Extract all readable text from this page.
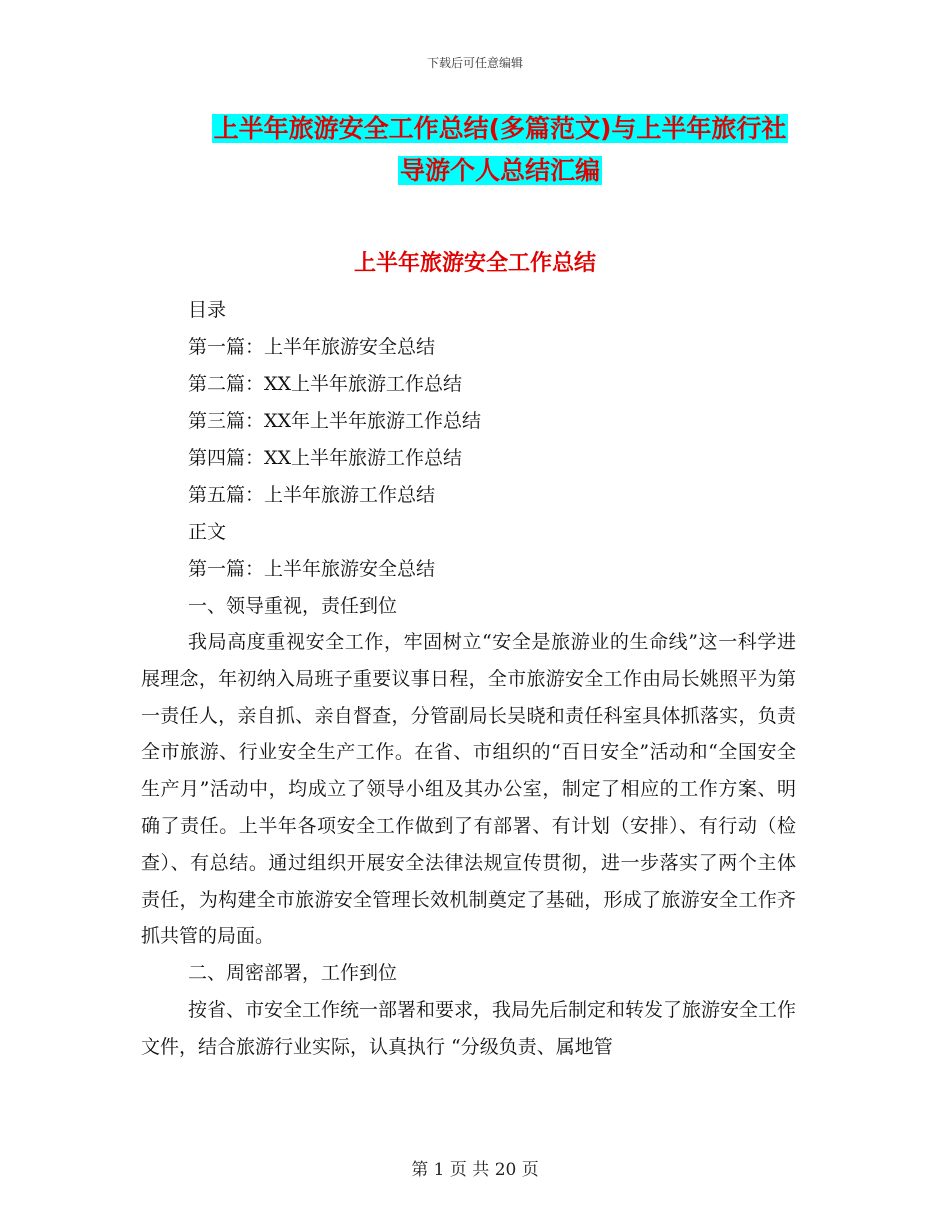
下载后可任意编辑
上半年旅游安全工作总结(多篇范文)与上半年旅行社
导游个人总结汇编
上半年旅游安全工作总结
目录
第一篇：上半年旅游安全总结
第二篇：XX上半年旅游工作总结
第三篇：XX年上半年旅游工作总结
第四篇：XX上半年旅游工作总结
第五篇：上半年旅游工作总结
正文
第一篇：上半年旅游安全总结
一、领导重视，责任到位

我局高度重视安全工作，牢固树立“安全是旅游业的生命线”这一科学进展理念，年初纳入局班子重要议事日程，全市旅游安全工作由局长姚照平为第一责任人，亲自抓、亲自督查，分管副局长吴晓和责任科室具体抓落实，负责全市旅游、行业安全生产工作。在省、市组织的“百日安全”活动和“全国安全生产月”活动中，均成立了领导小组及其办公室，制定了相应的工作方案、明确了责任。上半年各项安全工作做到了有部署、有计划（安排）、有行动（检查）、有总结。通过组织开展安全法律法规宣传贯彻，进一步落实了两个主体责任，为构建全市旅游安全管理长效机制奠定了基础，形成了旅游安全工作齐抓共管的局面。

二、周密部署，工作到位

按省、市安全工作统一部署和要求，我局先后制定和转发了旅游安全工作文件，结合旅游行业实际，认真执行 “分级负责、属地管

第 1 页 共 20 页
